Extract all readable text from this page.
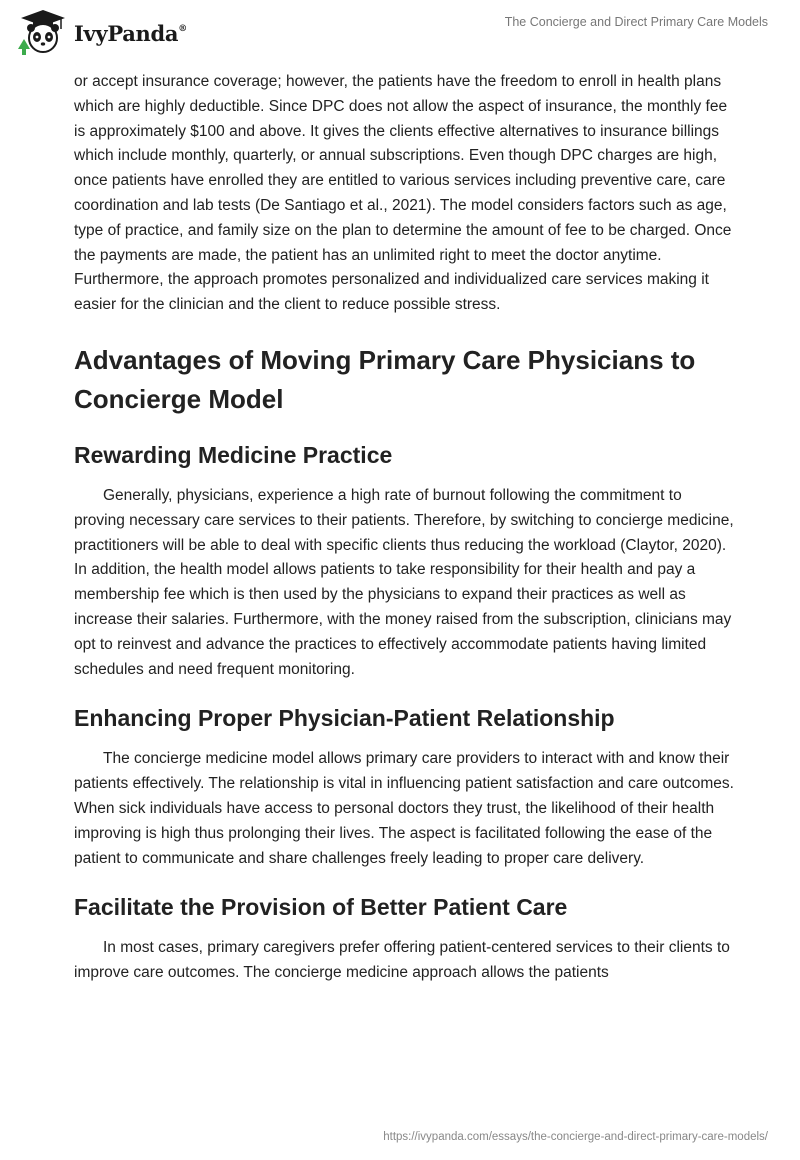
IvyPanda®	The Concierge and Direct Primary Care Models

or accept insurance coverage; however, the patients have the freedom to enroll in health plans which are highly deductible. Since DPC does not allow the aspect of insurance, the monthly fee is approximately $100 and above. It gives the clients effective alternatives to insurance billings which include monthly, quarterly, or annual subscriptions. Even though DPC charges are high, once patients have enrolled they are entitled to various services including preventive care, care coordination and lab tests (De Santiago et al., 2021). The model considers factors such as age, type of practice, and family size on the plan to determine the amount of fee to be charged. Once the payments are made, the patient has an unlimited right to meet the doctor anytime. Furthermore, the approach promotes personalized and individualized care services making it easier for the clinician and the client to reduce possible stress.

Advantages of Moving Primary Care Physicians to Concierge Model
Rewarding Medicine Practice

Generally, physicians, experience a high rate of burnout following the commitment to proving necessary care services to their patients. Therefore, by switching to concierge medicine, practitioners will be able to deal with specific clients thus reducing the workload (Claytor, 2020). In addition, the health model allows patients to take responsibility for their health and pay a membership fee which is then used by the physicians to expand their practices as well as increase their salaries. Furthermore, with the money raised from the subscription, clinicians may opt to reinvest and advance the practices to effectively accommodate patients having limited schedules and need frequent monitoring.

Enhancing Proper Physician-Patient Relationship

The concierge medicine model allows primary care providers to interact with and know their patients effectively. The relationship is vital in influencing patient satisfaction and care outcomes. When sick individuals have access to personal doctors they trust, the likelihood of their health improving is high thus prolonging their lives. The aspect is facilitated following the ease of the patient to communicate and share challenges freely leading to proper care delivery.

Facilitate the Provision of Better Patient Care

In most cases, primary caregivers prefer offering patient-centered services to their clients to improve care outcomes. The concierge medicine approach allows the patients

https://ivypanda.com/essays/the-concierge-and-direct-primary-care-models/
